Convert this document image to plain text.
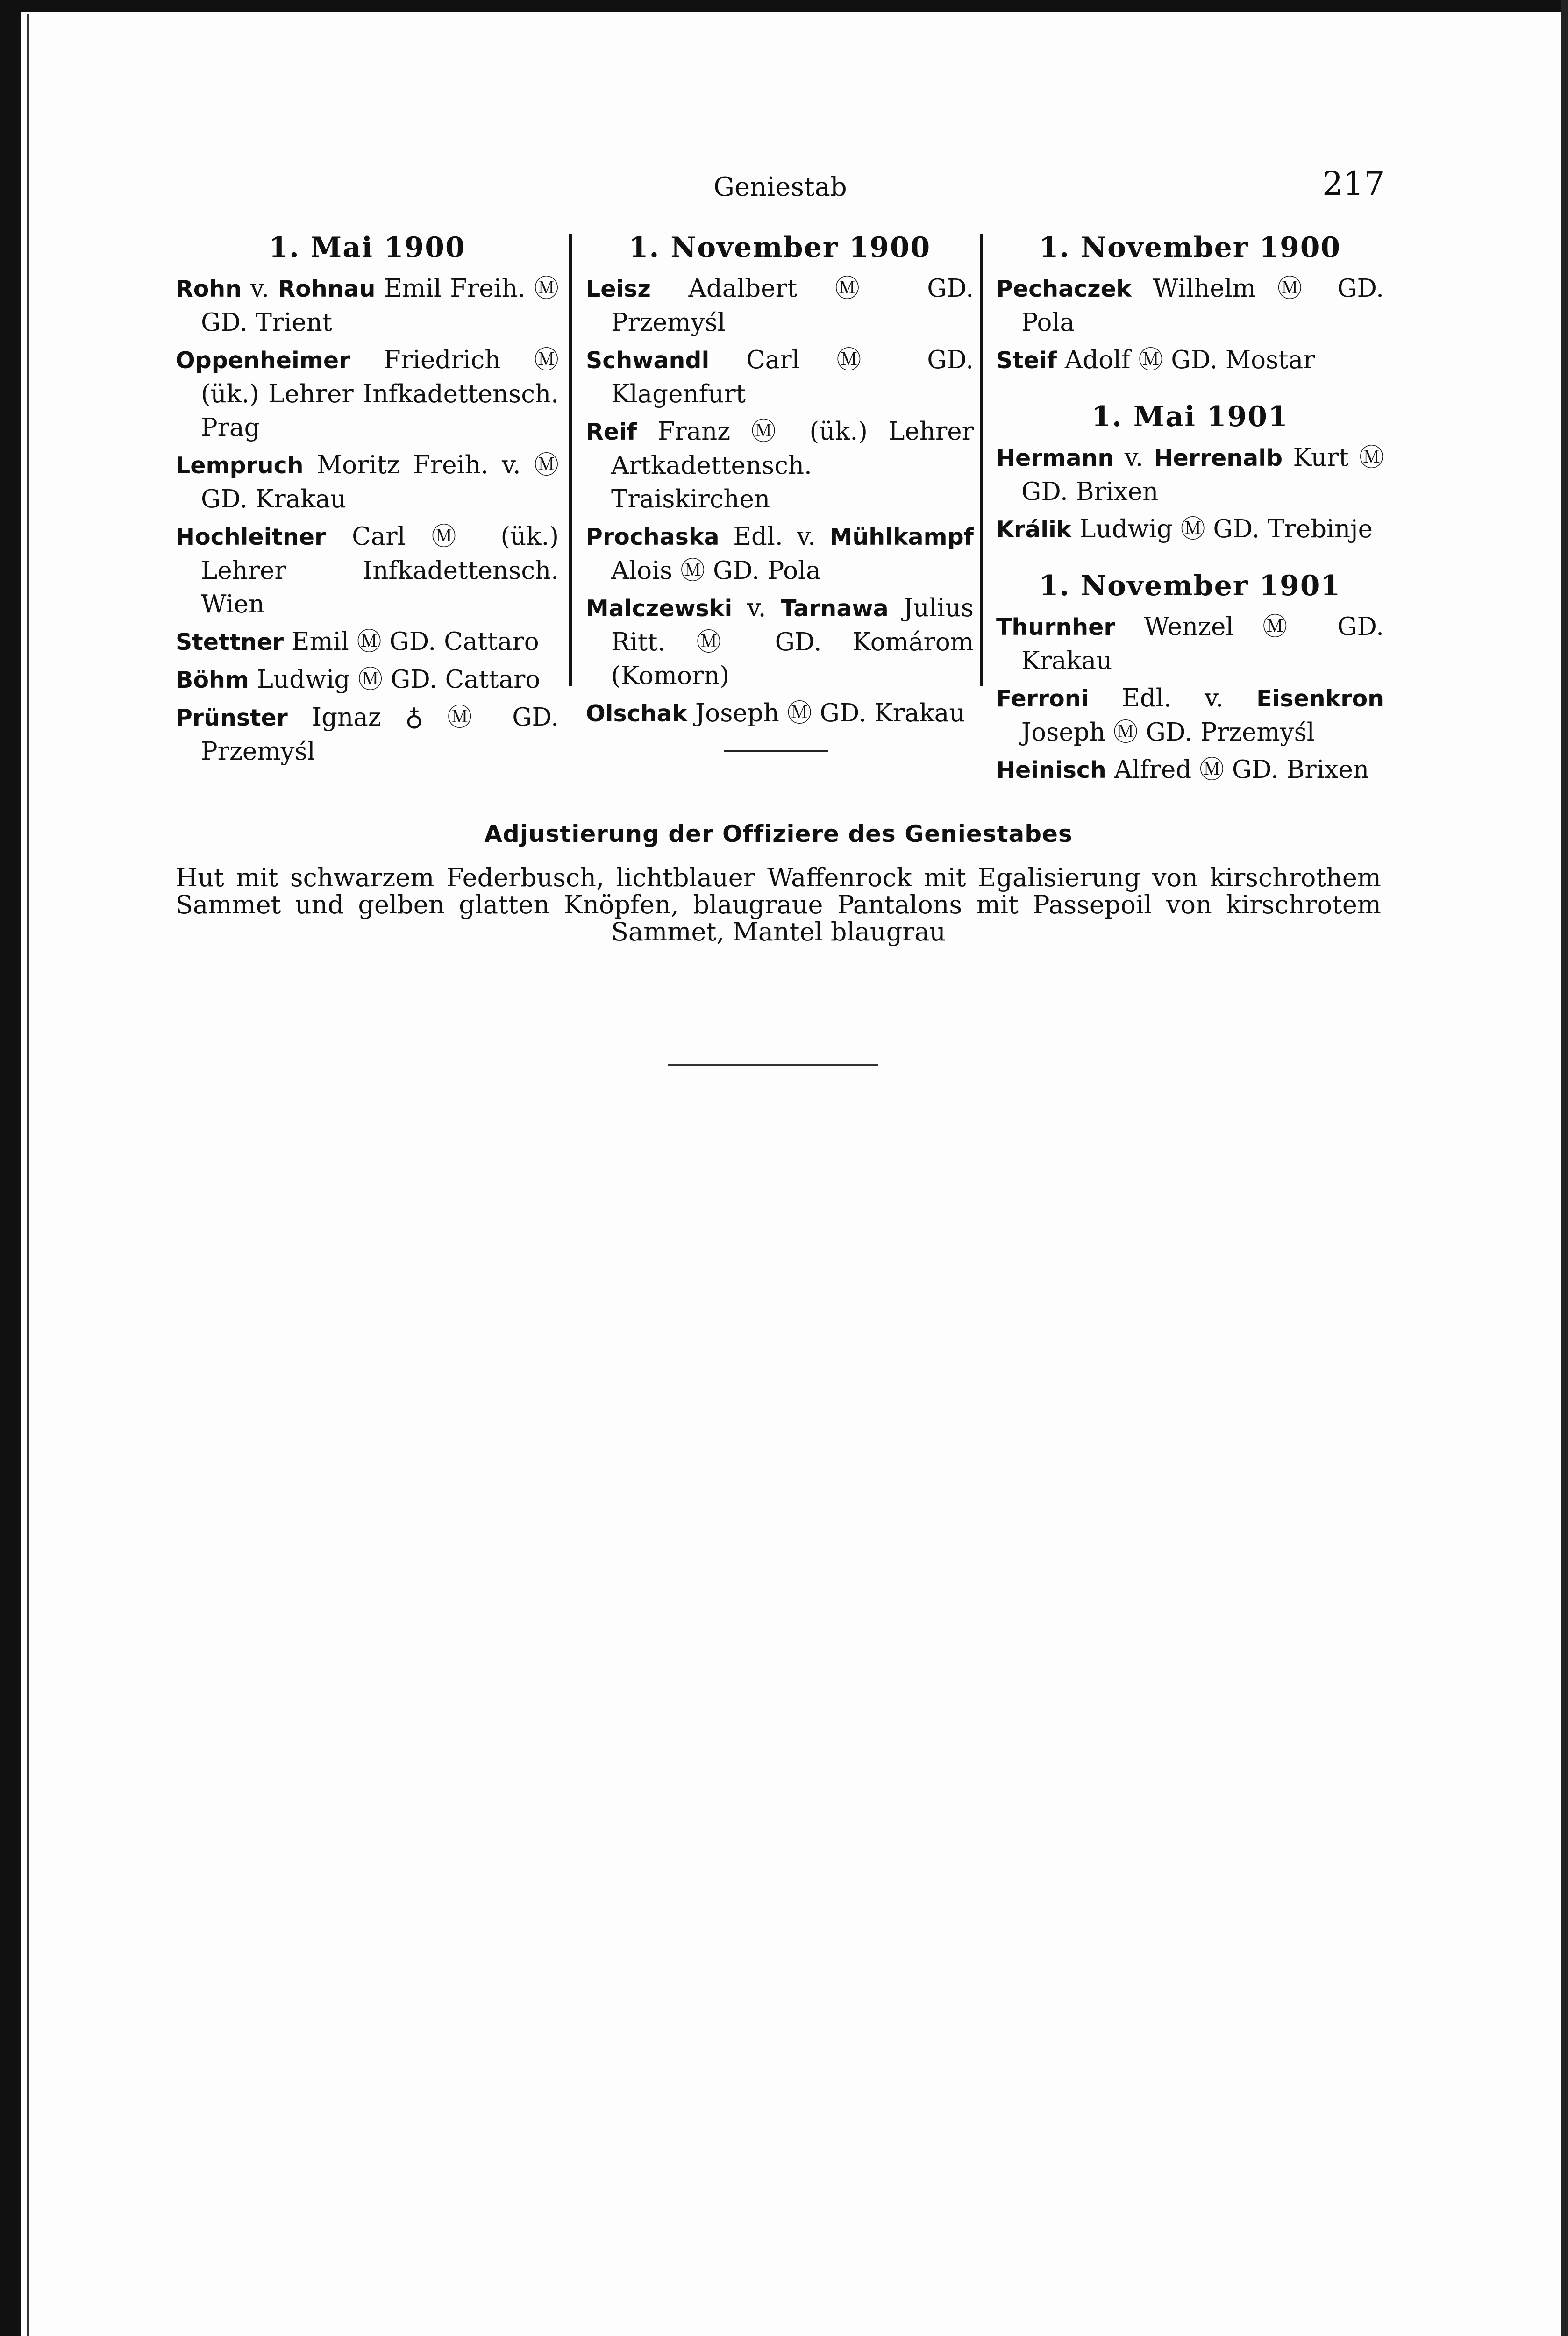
Geniestab	217
1. Mai 1900
Rohn v. Rohnau Emil Freih. Ⓜ GD. Trient
Oppenheimer Friedrich Ⓜ (ük.) Lehrer Infkadettensch. Prag
Lempruch Moritz Freih. v. Ⓜ GD. Krakau
Hochleitner Carl Ⓜ (ük.) Lehrer Infkadettensch. Wien
Stettner Emil Ⓜ GD. Cattaro
Böhm Ludwig Ⓜ GD. Cattaro
Prünster Ignaz ♁ Ⓜ GD. Przemyśl
1. November 1900
Leisz Adalbert Ⓜ GD. Przemyśl
Schwandl Carl Ⓜ GD. Klagenfurt
Reif Franz Ⓜ (ük.) Lehrer Artkadettensch. Traiskirchen
Prochaska Edl. v. Mühlkampf Alois Ⓜ GD. Pola
Malczewski v. Tarnawa Julius Ritt. Ⓜ GD. Komárom (Komorn)
Olschak Joseph Ⓜ GD. Krakau
1. November 1900
Pechaczek Wilhelm Ⓜ GD. Pola
Steif Adolf Ⓜ GD. Mostar
1. Mai 1901
Hermann v. Herrenalb Kurt Ⓜ GD. Brixen
Králik Ludwig Ⓜ GD. Trebinje
1. November 1901
Thurnher Wenzel Ⓜ GD. Krakau
Ferroni Edl. v. Eisenkron Joseph Ⓜ GD. Przemyśl
Heinisch Alfred Ⓜ GD. Brixen
Adjustierung der Offiziere des Geniestabes
Hut mit schwarzem Federbusch, lichtblauer Waffenrock mit Egalisierung von kirschrothem Sammet und gelben glatten Knöpfen, blaugraue Pantalons mit Passepoil von kirschrotem Sammet, Mantel blaugrau
